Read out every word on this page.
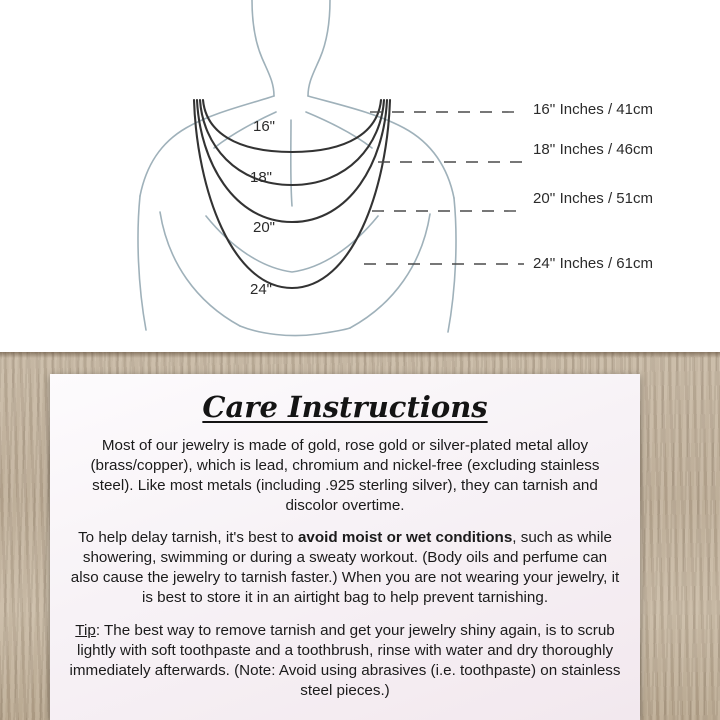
16'' Inches / 41cm
18'' Inches / 46cm
20'' Inches / 51cm
24'' Inches / 61cm
16"
18"
20"
24"
Care Instructions

Most of our jewelry is made of gold, rose gold or silver-plated metal alloy (brass/copper), which is lead, chromium and nickel-free (excluding stainless steel). Like most metals (including .925 sterling silver), they can tarnish and discolor overtime.

To help delay tarnish, it's best to avoid moist or wet conditions, such as while showering, swimming or during a sweaty workout. (Body oils and perfume can also cause the jewelry to tarnish faster.) When you are not wearing your jewelry, it is best to store it in an airtight bag to help prevent tarnishing.

Tip: The best way to remove tarnish and get your jewelry shiny again, is to scrub lightly with soft toothpaste and a toothbrush, rinse with water and dry thoroughly immediately afterwards. (Note: Avoid using abrasives (i.e. toothpaste) on stainless steel pieces.)
